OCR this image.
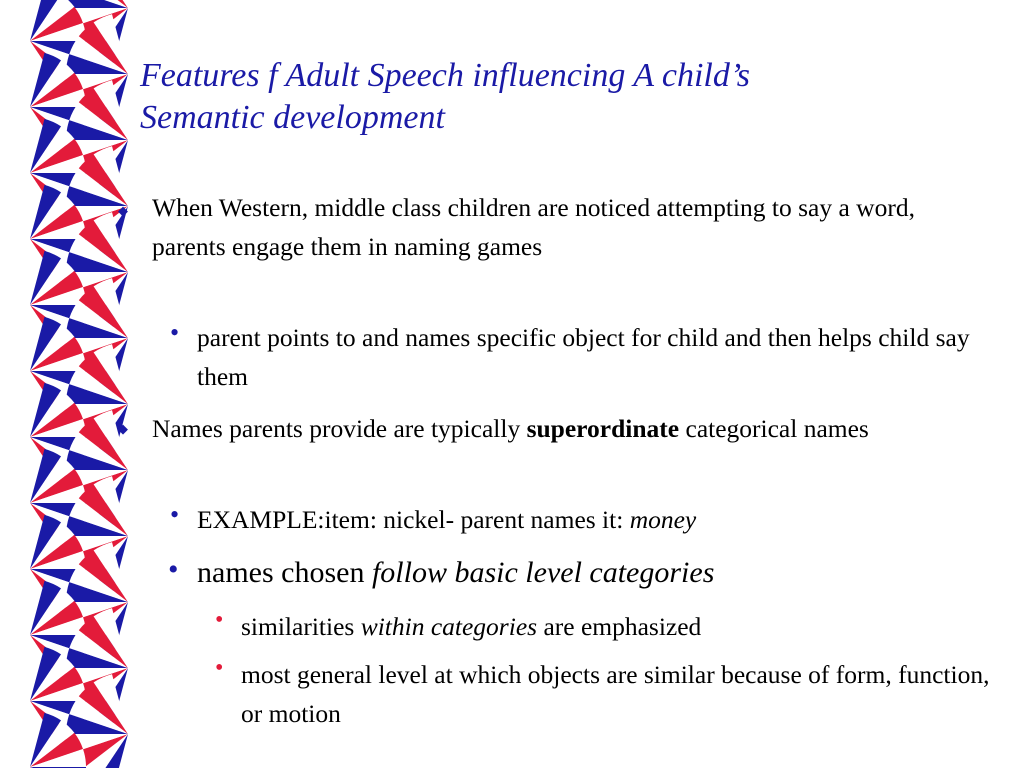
Features f Adult Speech influencing A child’s
Semantic development
◆ When Western, middle class children are noticed attempting to say a word, parents engage them in naming games

• parent points to and names specific object for child and then helps child say them

◆ Names parents provide are typically superordinate categorical names

• EXAMPLE:item: nickel- parent names it: money

• names chosen follow basic level categories

• similarities within categories are emphasized

• most general level at which objects are similar because of form, function, or motion
